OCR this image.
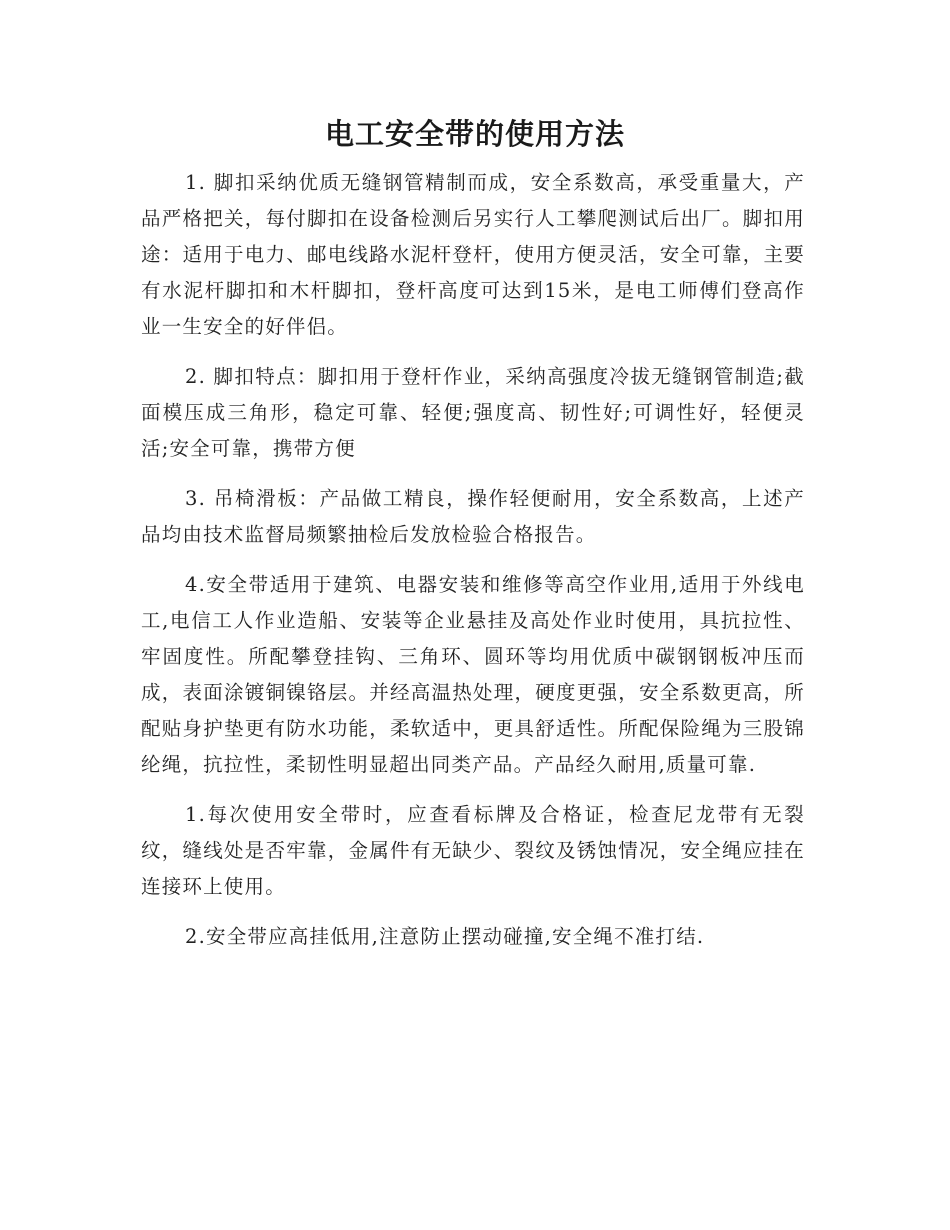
电工安全带的使用方法

1. 脚扣采纳优质无缝钢管精制而成，安全系数高，承受重量大，产品严格把关，每付脚扣在设备检测后另实行人工攀爬测试后出厂。脚扣用途：适用于电力、邮电线路水泥杆登杆，使用方便灵活，安全可靠，主要有水泥杆脚扣和木杆脚扣，登杆高度可达到15米，是电工师傅们登高作业一生安全的好伴侣。

2. 脚扣特点：脚扣用于登杆作业，采纳高强度冷拔无缝钢管制造;截面模压成三角形，稳定可靠、轻便;强度高、韧性好;可调性好，轻便灵活;安全可靠，携带方便

3. 吊椅滑板：产品做工精良，操作轻便耐用，安全系数高，上述产品均由技术监督局频繁抽检后发放检验合格报告。

4.安全带适用于建筑、电器安装和维修等高空作业用,适用于外线电工,电信工人作业造船、安装等企业悬挂及高处作业时使用，具抗拉性、牢固度性。所配攀登挂钩、三角环、圆环等均用优质中碳钢钢板冲压而成，表面涂镀铜镍铬层。并经高温热处理，硬度更强，安全系数更高，所配贴身护垫更有防水功能，柔软适中，更具舒适性。所配保险绳为三股锦纶绳，抗拉性，柔韧性明显超出同类产品。产品经久耐用,质量可靠.

1.每次使用安全带时，应查看标牌及合格证，检查尼龙带有无裂纹，缝线处是否牢靠，金属件有无缺少、裂纹及锈蚀情况，安全绳应挂在连接环上使用。

2.安全带应高挂低用,注意防止摆动碰撞,安全绳不准打结.
